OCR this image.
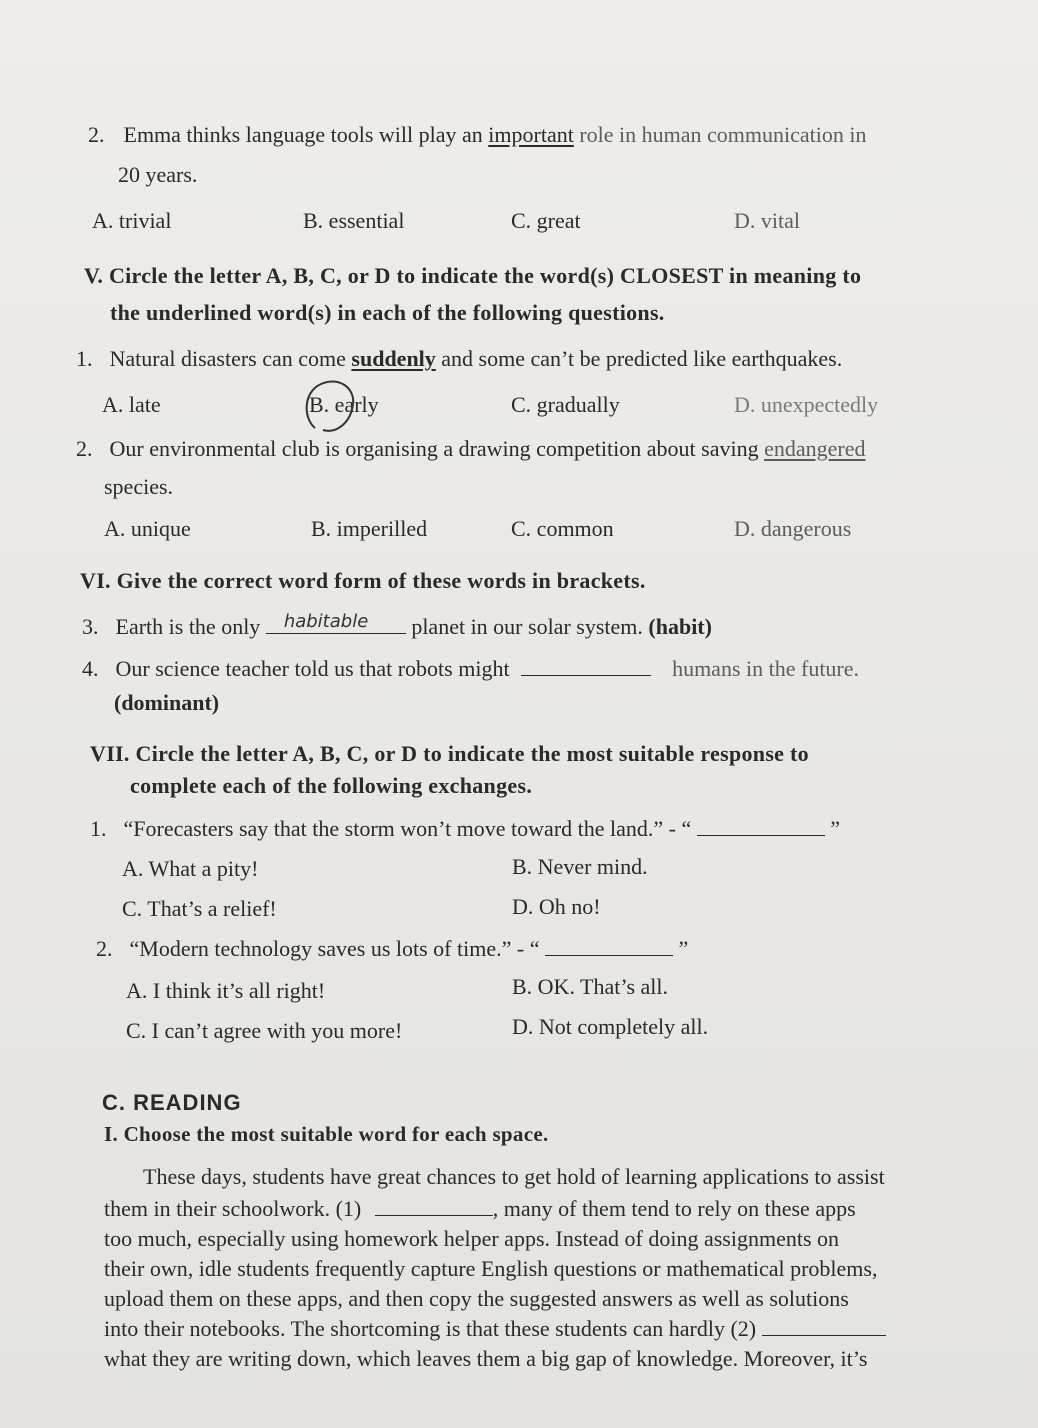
2. Emma thinks language tools will play an important role in human communication in
20 years.
A. trivial	B. essential	C. great	D. vital
V. Circle the letter A, B, C, or D to indicate the word(s) CLOSEST in meaning to
the underlined word(s) in each of the following questions.
1. Natural disasters can come suddenly and some can’t be predicted like earthquakes.
A. late	B. early	C. gradually	D. unexpectedly
2. Our environmental club is organising a drawing competition about saving endangered
species.
A. unique	B. imperilled	C. common	D. dangerous
VI. Give the correct word form of these words in brackets.
3. Earth is the only habitable planet in our solar system. (habit)
4. Our science teacher told us that robots might	humans in the future.
(dominant)
VII. Circle the letter A, B, C, or D to indicate the most suitable response to
complete each of the following exchanges.
1. “Forecasters say that the storm won’t move toward the land.” - “	”
A. What a pity!	B. Never mind.
C. That’s a relief!	D. Oh no!
2. “Modern technology saves us lots of time.” - “	”
A. I think it’s all right!	B. OK. That’s all.
C. I can’t agree with you more!	D. Not completely all.
C. READING
I. Choose the most suitable word for each space.
These days, students have great chances to get hold of learning applications to assist
them in their schoolwork. (1)	, many of them tend to rely on these apps
too much, especially using homework helper apps. Instead of doing assignments on
their own, idle students frequently capture English questions or mathematical problems,
upload them on these apps, and then copy the suggested answers as well as solutions
into their notebooks. The shortcoming is that these students can hardly (2)
what they are writing down, which leaves them a big gap of knowledge. Moreover, it’s
